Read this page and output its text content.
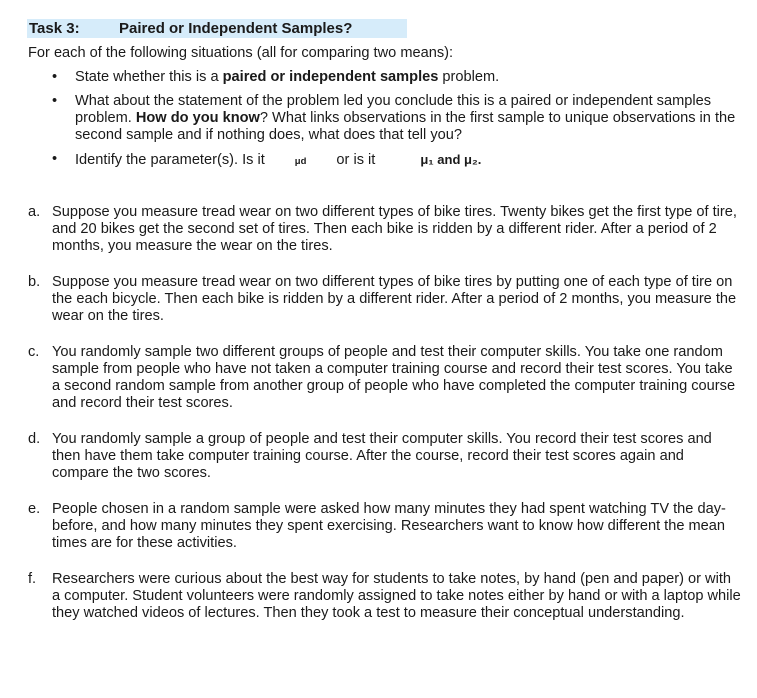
Task 3:	Paired or Independent Samples?
For each of the following situations (all for comparing two means):
• State whether this is a paired or independent samples problem.
• What about the statement of the problem led you conclude this is a paired or independent samples problem. How do you know? What links observations in the first sample to unique observations in the second sample and if nothing does, what does that tell you?
• Identify the parameter(s). Is it	μd or is it	μ₁ and μ₂.
a. Suppose you measure tread wear on two different types of bike tires. Twenty bikes get the first type of tire, and 20 bikes get the second set of tires. Then each bike is ridden by a different rider. After a period of 2 months, you measure the wear on the tires.
b. Suppose you measure tread wear on two different types of bike tires by putting one of each type of tire on the each bicycle. Then each bike is ridden by a different rider. After a period of 2 months, you measure the wear on the tires.
c. You randomly sample two different groups of people and test their computer skills. You take one random sample from people who have not taken a computer training course and record their test scores. You take a second random sample from another group of people who have completed the computer training course and record their test scores.
d. You randomly sample a group of people and test their computer skills. You record their test scores and then have them take computer training course. After the course, record their test scores again and compare the two scores.
e. People chosen in a random sample were asked how many minutes they had spent watching TV the day-before, and how many minutes they spent exercising. Researchers want to know how different the mean times are for these activities.
f. Researchers were curious about the best way for students to take notes, by hand (pen and paper) or with a computer. Student volunteers were randomly assigned to take notes either by hand or with a laptop while they watched videos of lectures. Then they took a test to measure their conceptual understanding.
